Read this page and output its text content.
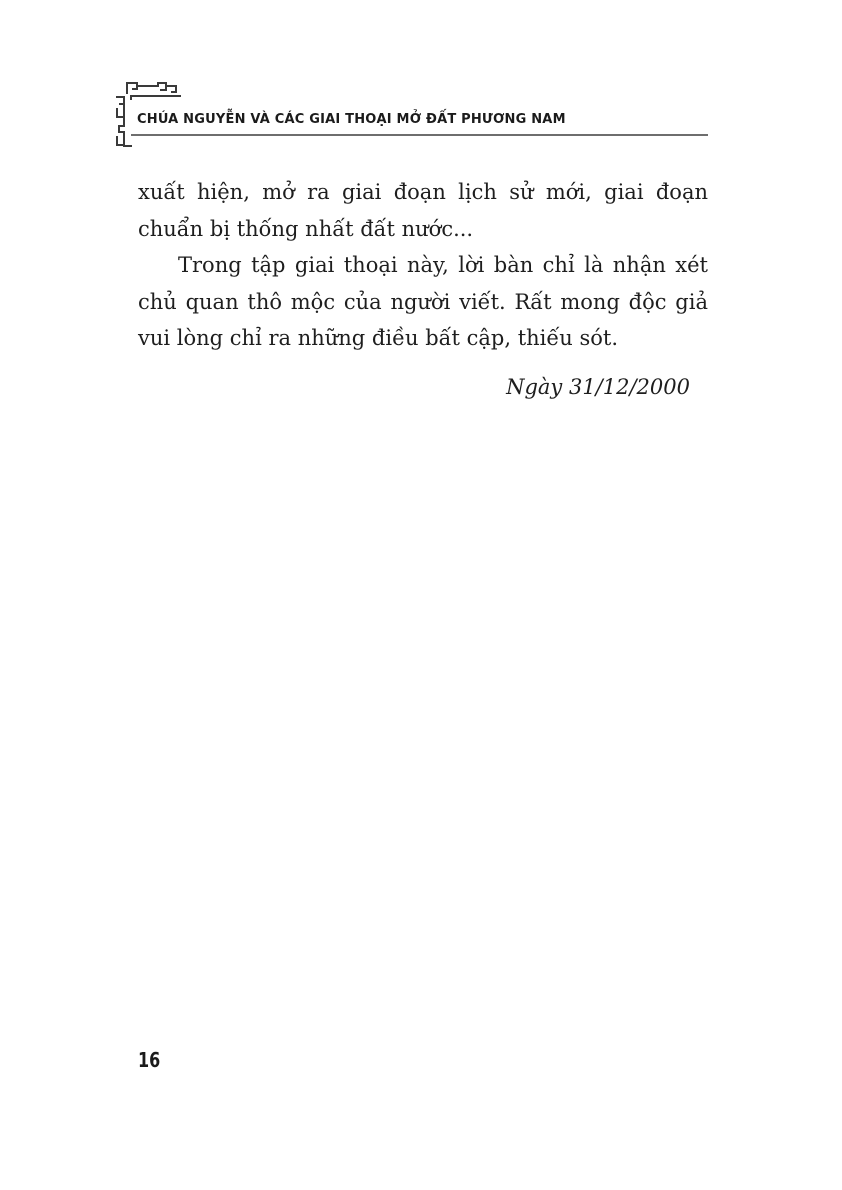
CHÚA NGUYỄN VÀ CÁC GIAI THOẠI MỞ ĐẤT PHƯƠNG NAM

xuất hiện, mở ra giai đoạn lịch sử mới, giai đoạn chuẩn bị thống nhất đất nước...

Trong tập giai thoại này, lời bàn chỉ là nhận xét chủ quan thô mộc của người viết. Rất mong độc giả vui lòng chỉ ra những điều bất cập, thiếu sót.

Ngày 31/12/2000
16
